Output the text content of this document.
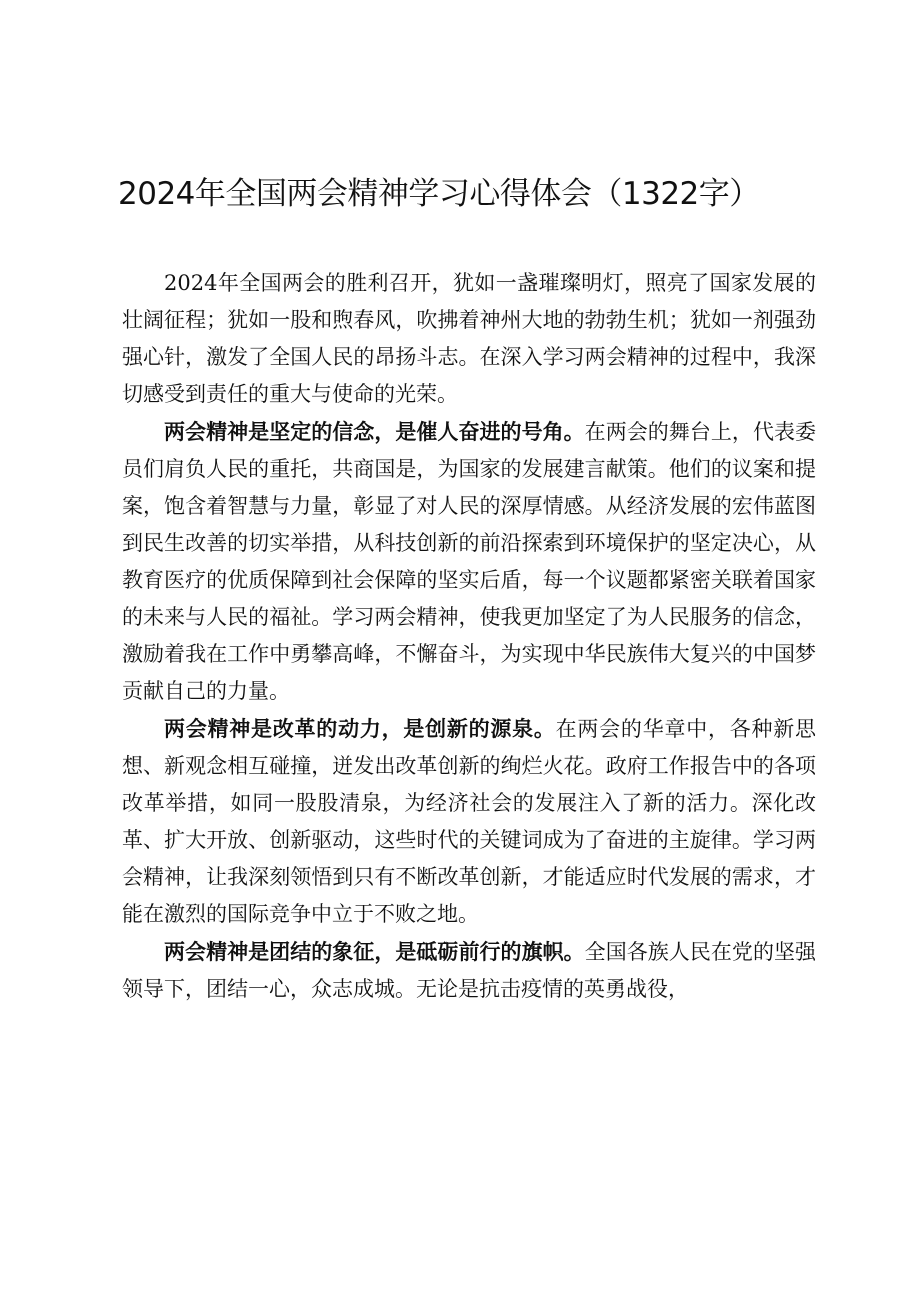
2024年全国两会精神学习心得体会（1322字）

2024年全国两会的胜利召开，犹如一盏璀璨明灯，照亮了国家发展的壮阔征程；犹如一股和煦春风，吹拂着神州大地的勃勃生机；犹如一剂强劲强心针，激发了全国人民的昂扬斗志。在深入学习两会精神的过程中，我深切感受到责任的重大与使命的光荣。

两会精神是坚定的信念，是催人奋进的号角。在两会的舞台上，代表委员们肩负人民的重托，共商国是，为国家的发展建言献策。他们的议案和提案，饱含着智慧与力量，彰显了对人民的深厚情感。从经济发展的宏伟蓝图到民生改善的切实举措，从科技创新的前沿探索到环境保护的坚定决心，从教育医疗的优质保障到社会保障的坚实后盾，每一个议题都紧密关联着国家的未来与人民的福祉。学习两会精神，使我更加坚定了为人民服务的信念，激励着我在工作中勇攀高峰，不懈奋斗，为实现中华民族伟大复兴的中国梦贡献自己的力量。

两会精神是改革的动力，是创新的源泉。在两会的华章中，各种新思想、新观念相互碰撞，迸发出改革创新的绚烂火花。政府工作报告中的各项改革举措，如同一股股清泉，为经济社会的发展注入了新的活力。深化改革、扩大开放、创新驱动，这些时代的关键词成为了奋进的主旋律。学习两会精神，让我深刻领悟到只有不断改革创新，才能适应时代发展的需求，才能在激烈的国际竞争中立于不败之地。

两会精神是团结的象征，是砥砺前行的旗帜。全国各族人民在党的坚强领导下，团结一心，众志成城。无论是抗击疫情的英勇战役，
